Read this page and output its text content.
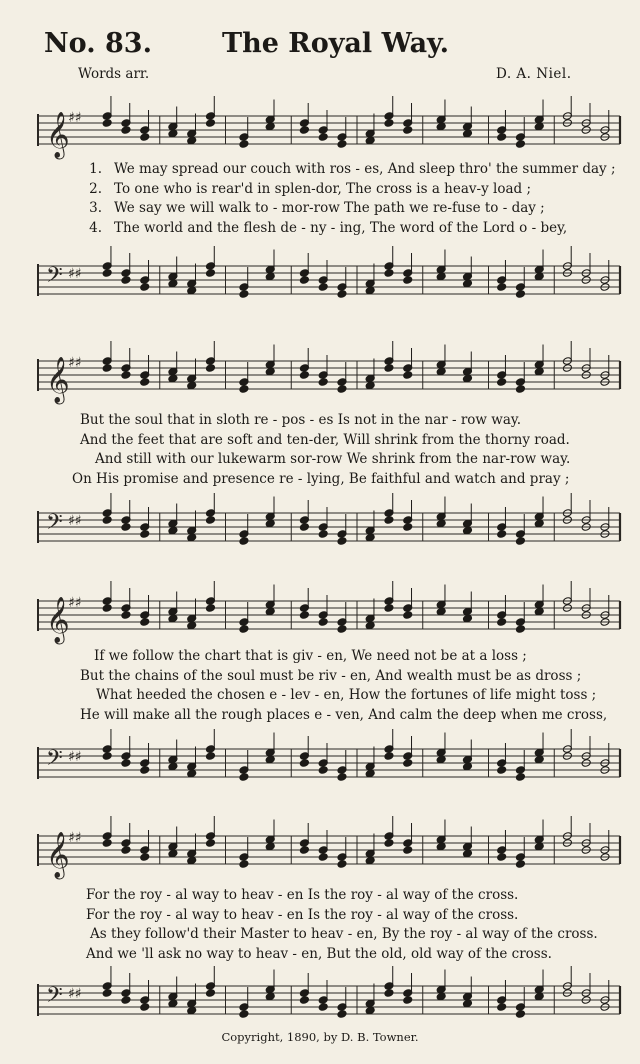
No. 83.	The Royal Way.
Words arr.	D. A. Niel.
𝄞
♯♯
1. We may spread our couch with ros - es, And sleep thro' the summer day ;
2. To one who is rear'd in splen-dor, The cross is a heav-y load ;
3. We say we will walk to - mor-row The path we re-fuse to - day ;
4. The world and the flesh de - ny - ing, The word of the Lord o - bey,
𝄢 ♯♯
𝄞
♯♯
But the soul that in sloth re - pos - es Is not in the nar - row way.
And the feet that are soft and ten-der, Will shrink from the thorny road.
And still with our lukewarm sor-row We shrink from the nar-row way.
On His promise and presence re - lying, Be faithful and watch and pray ;
𝄢 ♯♯
𝄞
♯♯
If we follow the chart that is giv - en, We need not be at a loss ;
But the chains of the soul must be riv - en, And wealth must be as dross ;
What heeded the chosen e - lev - en, How the fortunes of life might toss ;
He will make all the rough places e - ven, And calm the deep when me cross,
𝄢 ♯♯
𝄞
♯♯
For the roy - al way to heav - en Is the roy - al way of the cross.
For the roy - al way to heav - en Is the roy - al way of the cross.
As they follow'd their Master to heav - en, By the roy - al way of the cross.
And we 'll ask no way to heav - en, But the old, old way of the cross.
𝄢 ♯♯
Copyright, 1890, by D. B. Towner.
